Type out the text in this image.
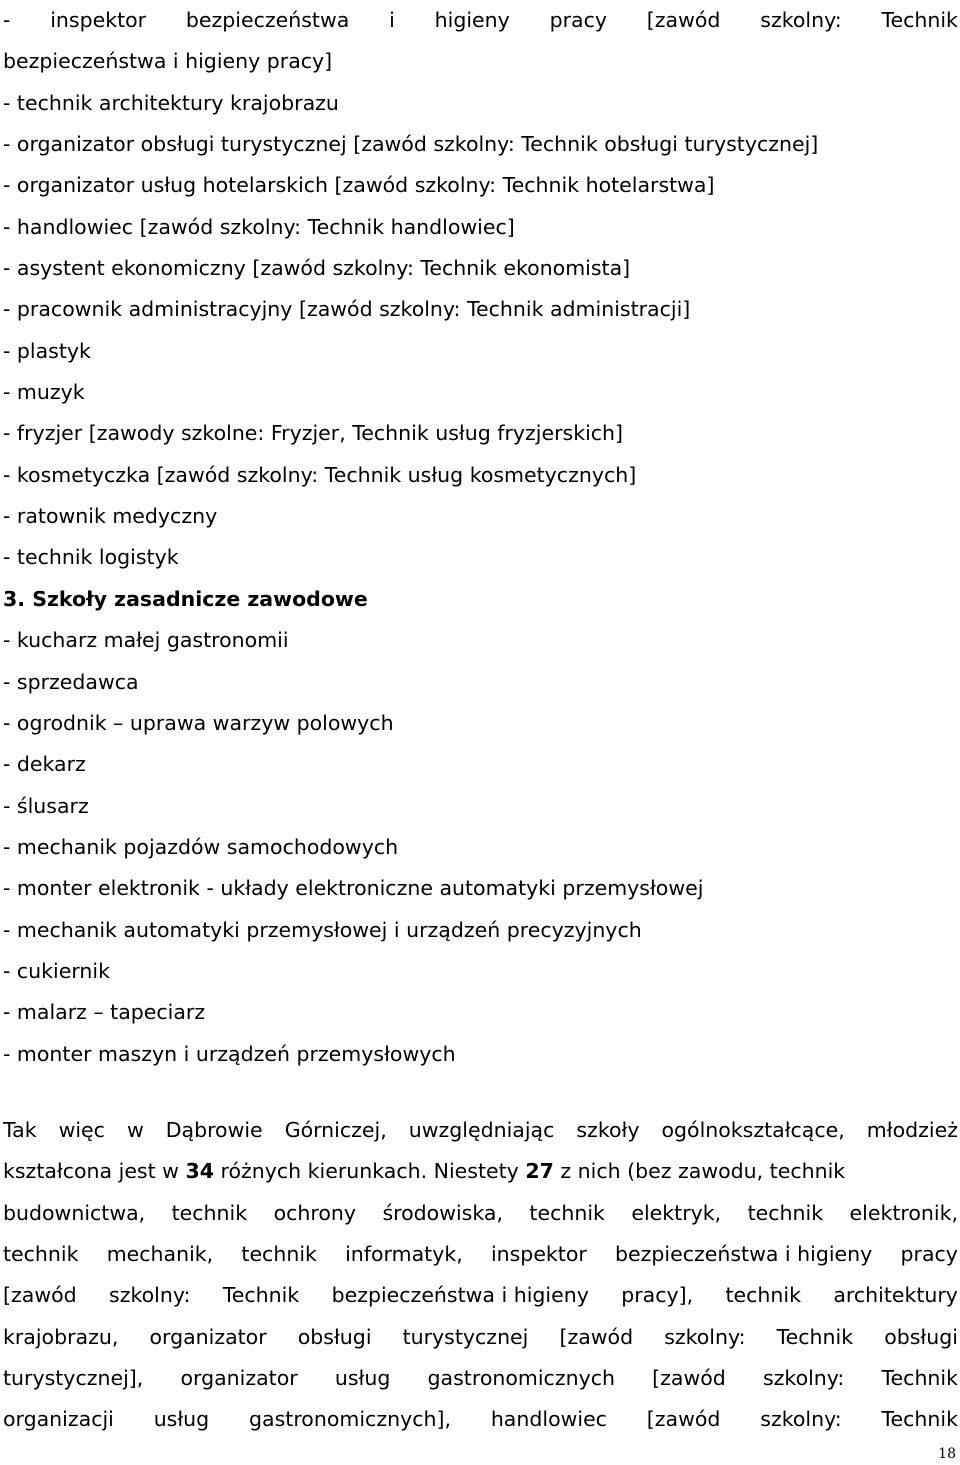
- inspektor bezpieczeństwa i higieny pracy [zawód szkolny: Technik
bezpieczeństwa i higieny pracy]
- technik architektury krajobrazu
- organizator obsługi turystycznej [zawód szkolny: Technik obsługi turystycznej]
- organizator usług hotelarskich [zawód szkolny: Technik hotelarstwa]
- handlowiec [zawód szkolny: Technik handlowiec]
- asystent ekonomiczny [zawód szkolny: Technik ekonomista]
- pracownik administracyjny [zawód szkolny: Technik administracji]
- plastyk
- muzyk
- fryzjer [zawody szkolne: Fryzjer, Technik usług fryzjerskich]
- kosmetyczka [zawód szkolny: Technik usług kosmetycznych]
- ratownik medyczny
- technik logistyk
3. Szkoły zasadnicze zawodowe
- kucharz małej gastronomii
- sprzedawca
- ogrodnik – uprawa warzyw polowych
- dekarz
- ślusarz
- mechanik pojazdów samochodowych
- monter elektronik - układy elektroniczne automatyki przemysłowej
- mechanik automatyki przemysłowej i urządzeń precyzyjnych
- cukiernik
- malarz – tapeciarz
- monter maszyn i urządzeń przemysłowych
Tak więc w Dąbrowie Górniczej, uwzględniając szkoły ogólnokształcące, młodzież
kształcona jest w 34 różnych kierunkach. Niestety 27 z nich (bez zawodu, technik
budownictwa, technik ochrony środowiska, technik elektryk, technik elektronik,
technik mechanik, technik informatyk, inspektor bezpieczeństwa i higieny pracy
[zawód szkolny: Technik bezpieczeństwa i higieny pracy], technik architektury
krajobrazu, organizator obsługi turystycznej [zawód szkolny: Technik obsługi
turystycznej], organizator usług gastronomicznych [zawód szkolny: Technik
organizacji usług gastronomicznych], handlowiec [zawód szkolny: Technik
18
